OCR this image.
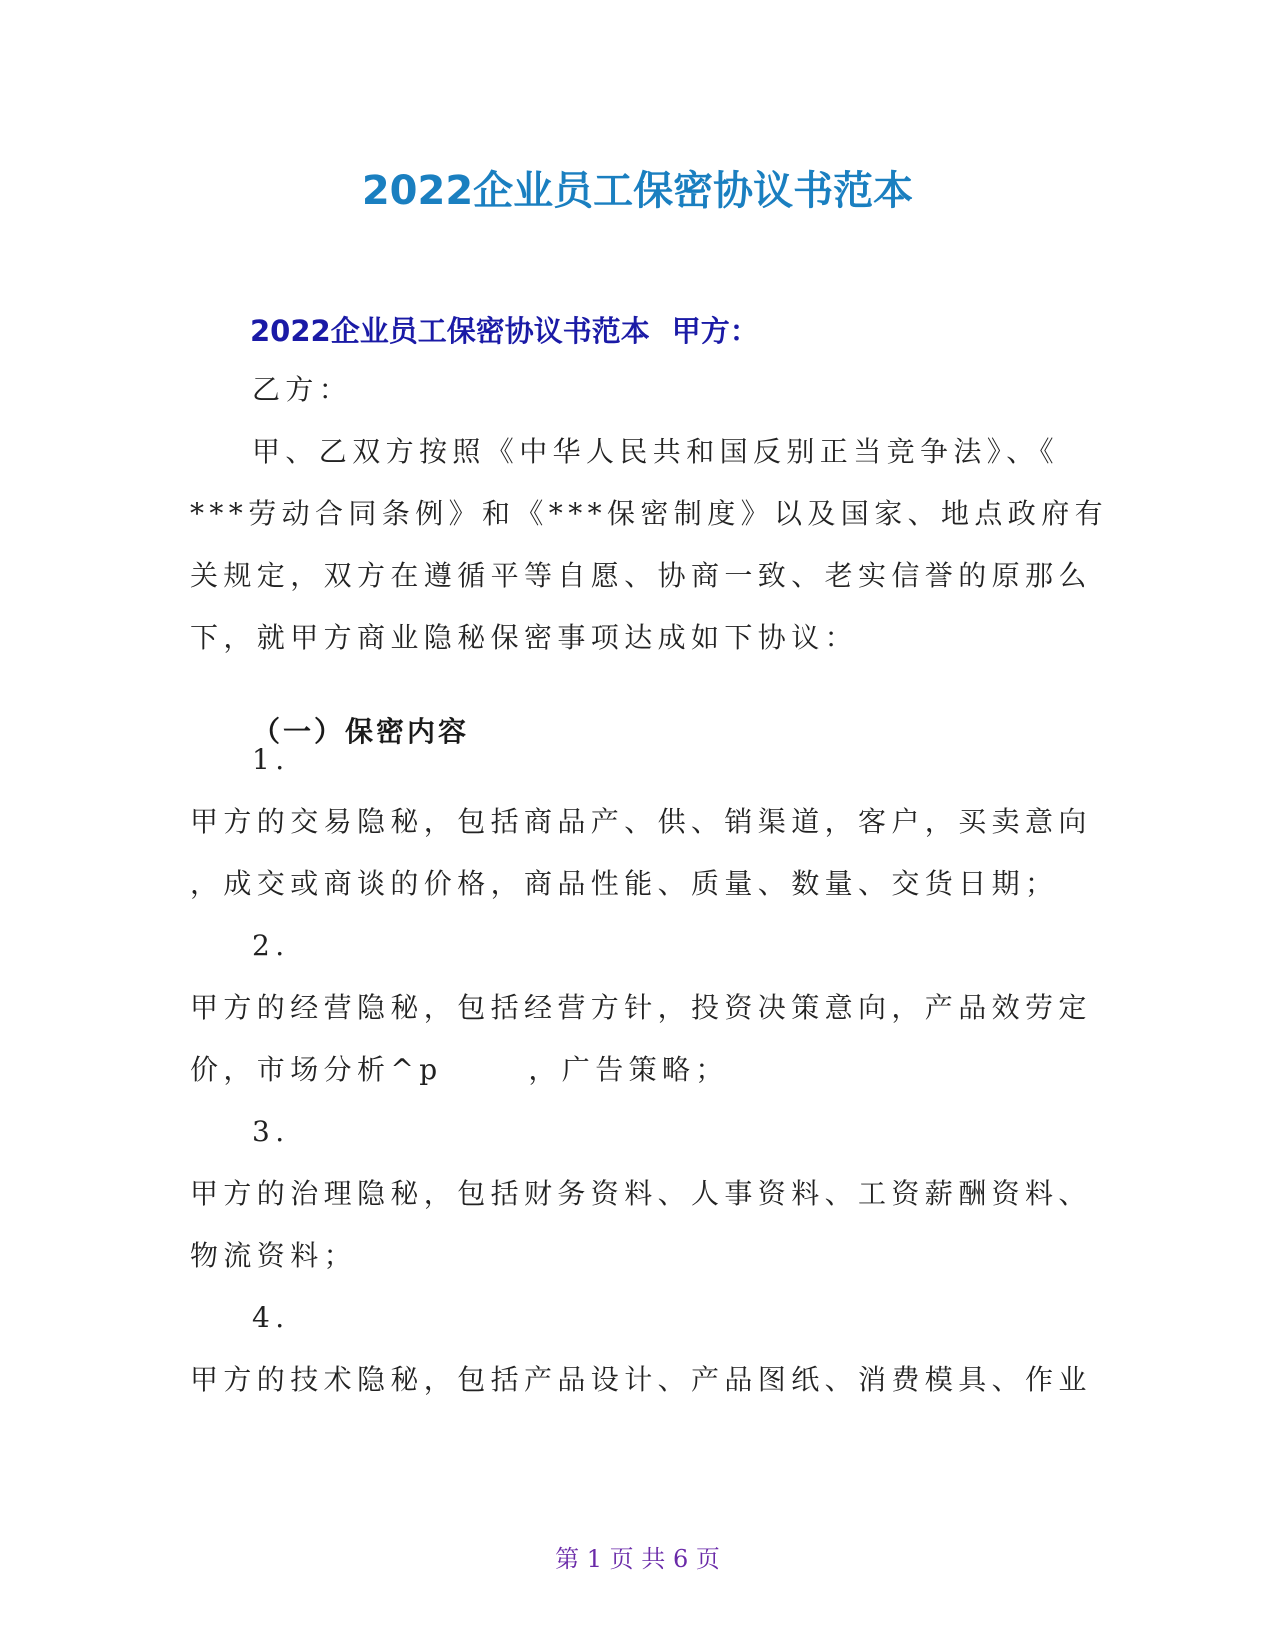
2022企业员工保密协议书范本
2022企业员工保密协议书范本 甲方：
乙方：
甲、乙双方按照《中华人民共和国反别正当竞争法》、《
***劳动合同条例》和《***保密制度》以及国家、地点政府有
关规定，双方在遵循平等自愿、协商一致、老实信誉的原那么
下，就甲方商业隐秘保密事项达成如下协议：
（一）保密内容
1.
甲方的交易隐秘，包括商品产、供、销渠道，客户，买卖意向
，成交或商谈的价格，商品性能、质量、数量、交货日期；
2.
甲方的经营隐秘，包括经营方针，投资决策意向，产品效劳定
价，市场分析^p      ，广告策略；
3.
甲方的治理隐秘，包括财务资料、人事资料、工资薪酬资料、
物流资料；
4.
甲方的技术隐秘，包括产品设计、产品图纸、消费模具、作业
第 1 页 共 6 页
